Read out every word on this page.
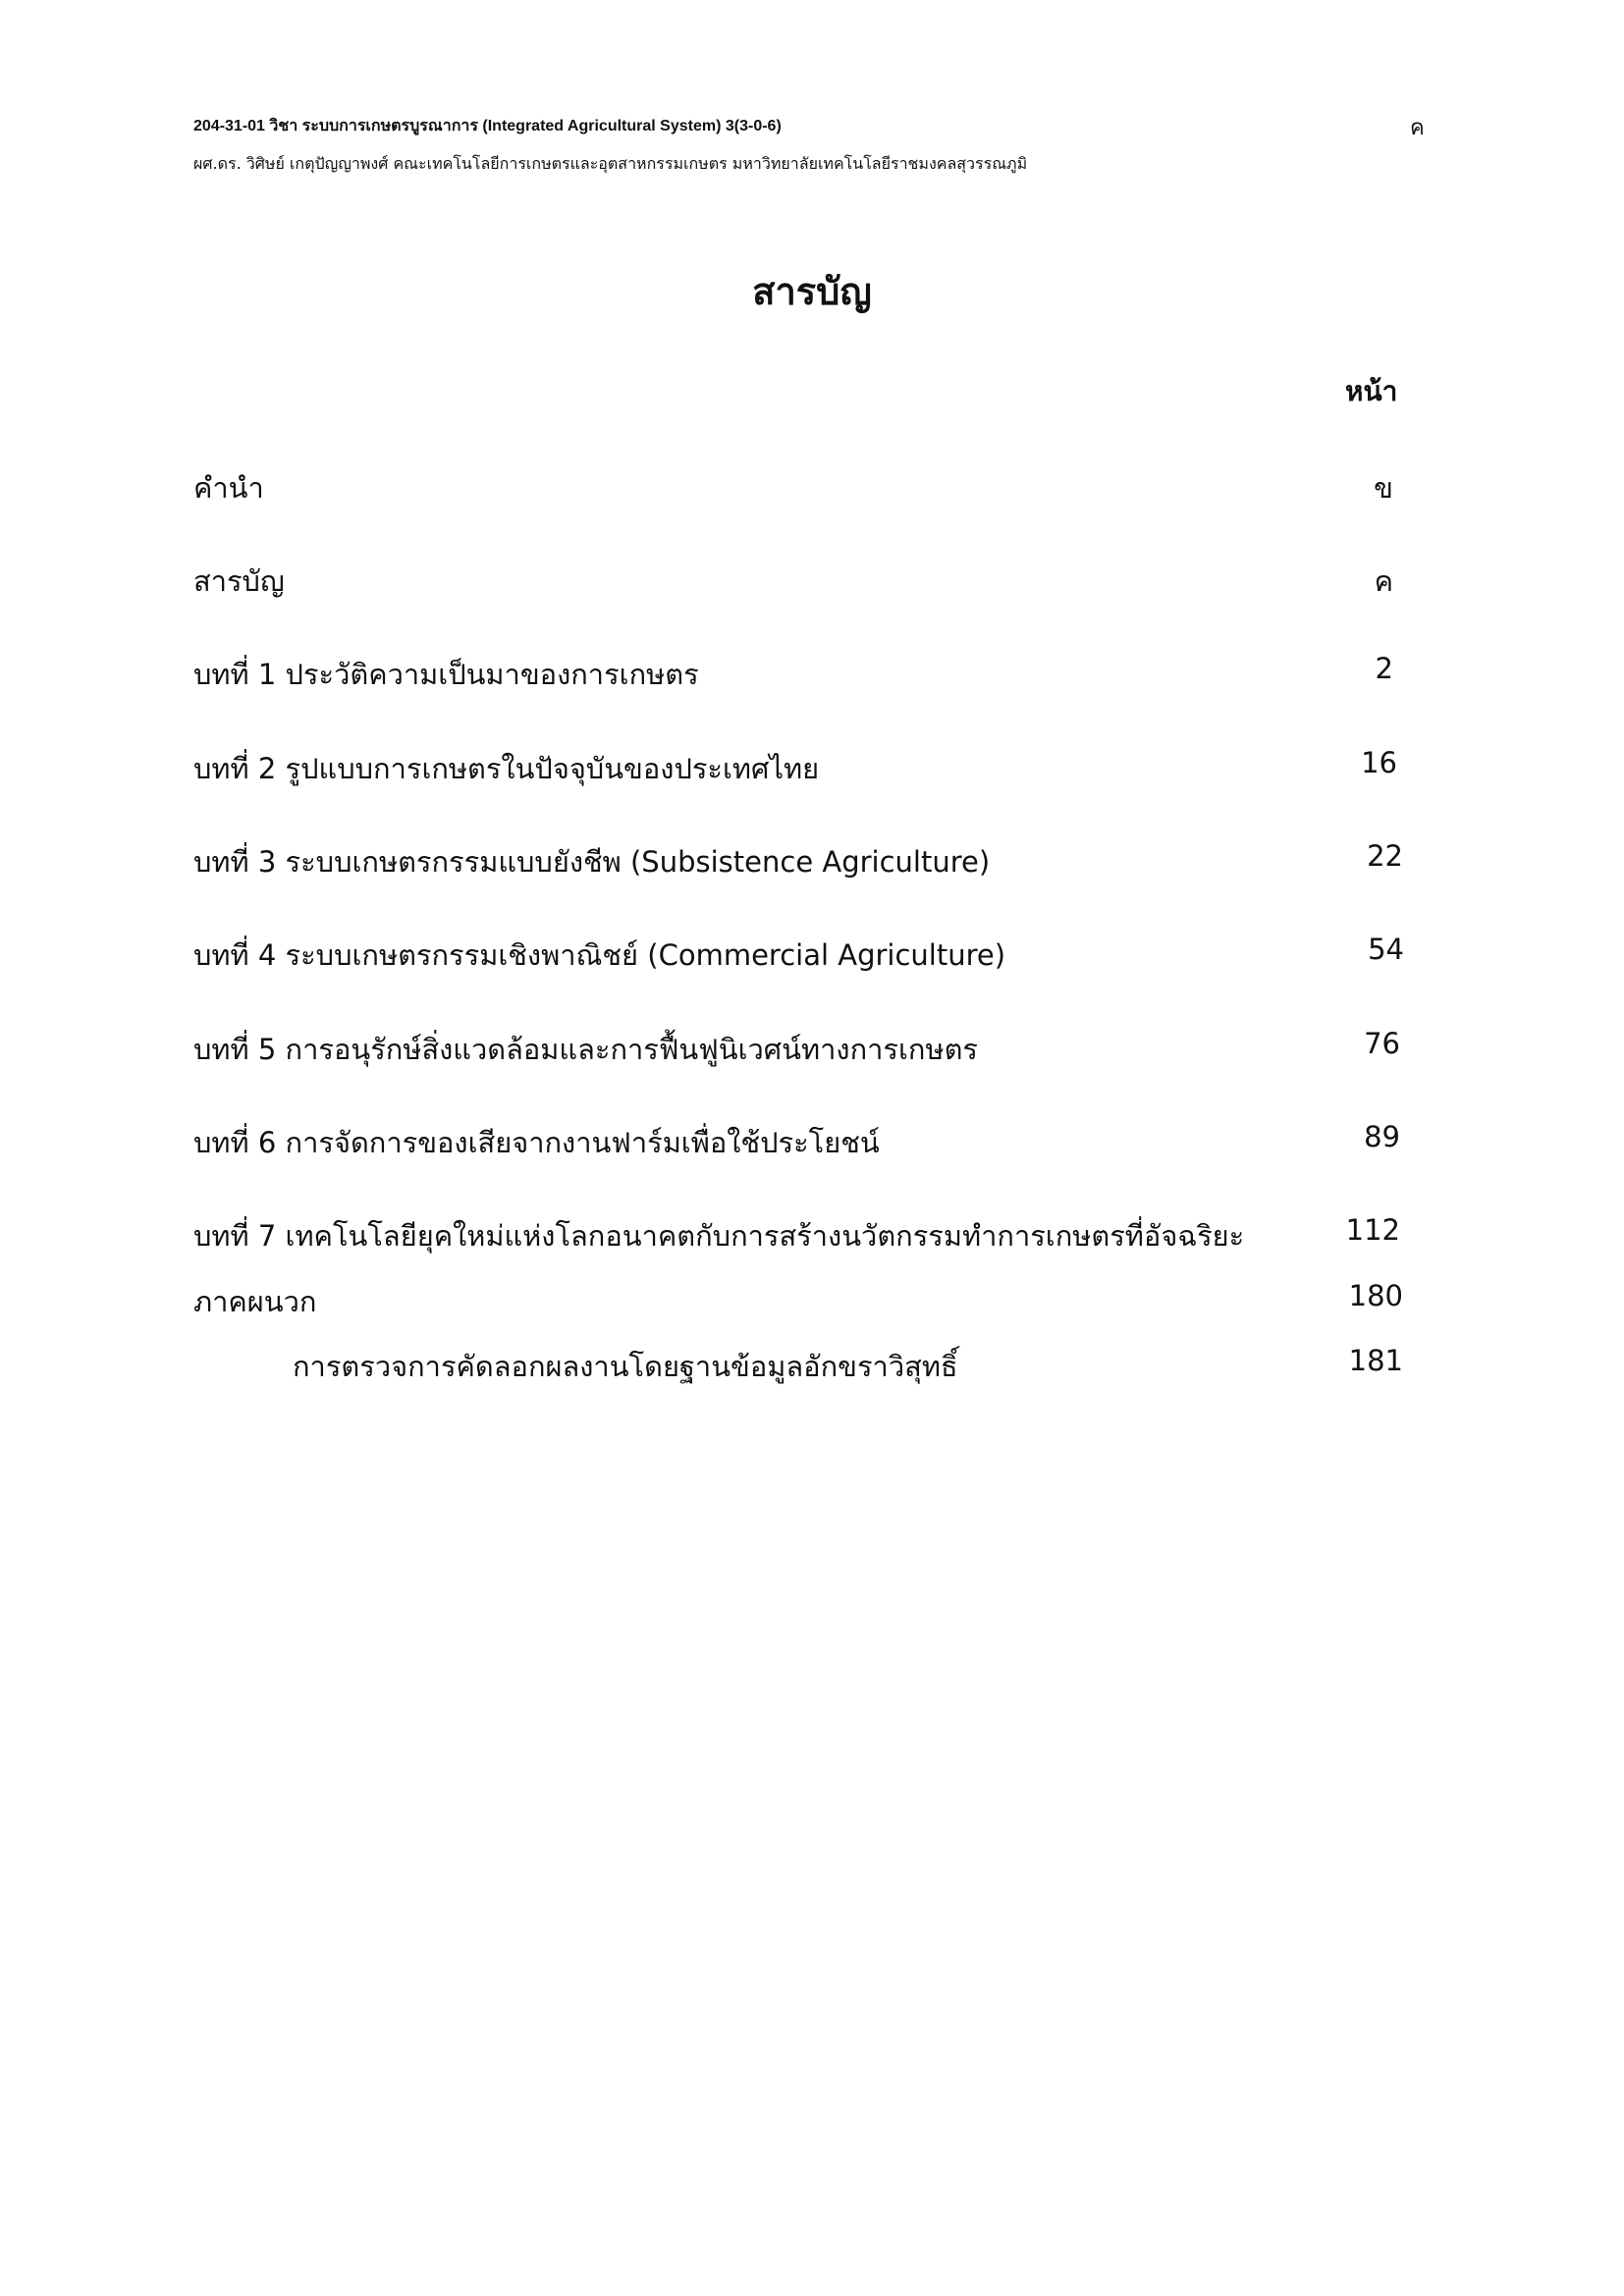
204-31-01 วิชา ระบบการเกษตรบูรณาการ (Integrated Agricultural System) 3(3-0-6)	ค
ผศ.ดร. วิศิษย์ เกตุปัญญาพงศ์ คณะเทคโนโลยีการเกษตรและอุตสาหกรรมเกษตร มหาวิทยาลัยเทคโนโลยีราชมงคลสุวรรณภูมิ
สารบัญ
หน้า
คำนำ	ข
สารบัญ	ค
บทที่ 1 ประวัติความเป็นมาของการเกษตร	2
บทที่ 2 รูปแบบการเกษตรในปัจจุบันของประเทศไทย	16
บทที่ 3 ระบบเกษตรกรรมแบบยังชีพ (Subsistence Agriculture)	22
บทที่ 4 ระบบเกษตรกรรมเชิงพาณิชย์ (Commercial Agriculture)	54
บทที่ 5 การอนุรักษ์สิ่งแวดล้อมและการฟื้นฟูนิเวศน์ทางการเกษตร	76
บทที่ 6 การจัดการของเสียจากงานฟาร์มเพื่อใช้ประโยชน์	89
บทที่ 7 เทคโนโลยียุคใหม่แห่งโลกอนาคตกับการสร้างนวัตกรรมทำการเกษตรที่อัจฉริยะ	112
ภาคผนวก	180
การตรวจการคัดลอกผลงานโดยฐานข้อมูลอักขราวิสุทธิ์	181
